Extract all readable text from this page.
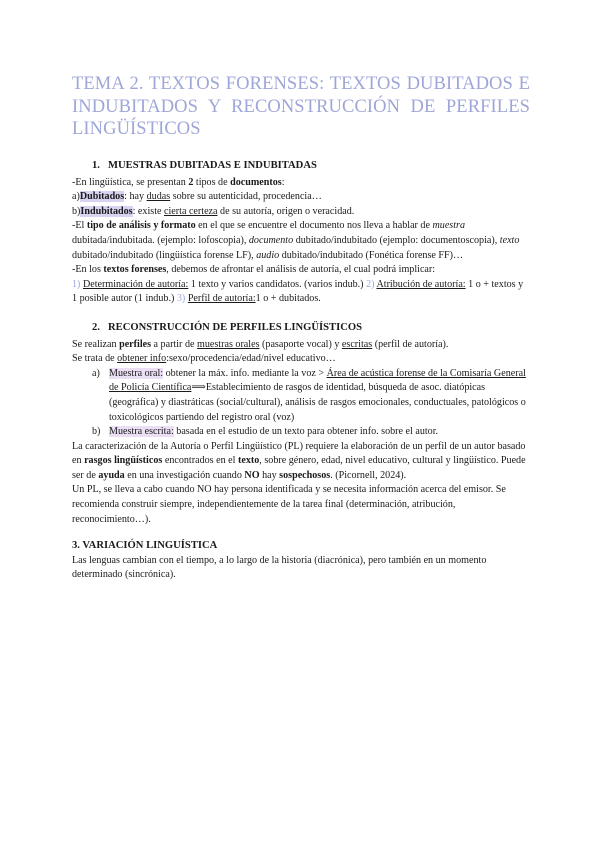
TEMA 2. TEXTOS FORENSES: TEXTOS DUBITADOS E INDUBITADOS Y RECONSTRUCCIÓN DE PERFILES LINGÜÍSTICOS
1. MUESTRAS DUBITADAS E INDUBITADAS

-En lingüística, se presentan 2 tipos de documentos:

a)Dubitados: hay dudas sobre su autenticidad, procedencia…

b)Indubitados: existe cierta certeza de su autoría, origen o veracidad.

-El tipo de análisis y formato en el que se encuentre el documento nos lleva a hablar de muestra dubitada/indubitada. (ejemplo: lofoscopia), documento dubitado/indubitado (ejemplo: documentoscopia), texto dubitado/indubitado (lingüística forense LF), audio dubitado/indubitado (Fonética forense FF)…

-En los textos forenses, debemos de afrontar el análisis de autoría, el cual podrá implicar:

1) Determinación de autoría: 1 texto y varios candidatos. (varios indub.) 2) Atribución de autoría: 1 o + textos y 1 posible autor (1 indub.) 3) Perfil de autoría:1 o + dubitados.

2. RECONSTRUCCIÓN DE PERFILES LINGÜÍSTICOS

Se realizan perfiles a partir de muestras orales (pasaporte vocal) y escritas (perfil de autoría).

Se trata de obtener info:sexo/procedencia/edad/nivel educativo…

a) Muestra oral: obtener la máx. info. mediante la voz > Área de acústica forense de la Comisaría General de Policía Científica⟹Establecimiento de rasgos de identidad, búsqueda de asoc. diatópicas (geográfica) y diastráticas (social/cultural), análisis de rasgos emocionales, conductuales, patológicos o toxicológicos partiendo del registro oral (voz)
b) Muestra escrita: basada en el estudio de un texto para obtener info. sobre el autor.

La caracterización de la Autoría o Perfil Lingüístico (PL) requiere la elaboración de un perfil de un autor basado en rasgos lingüísticos encontrados en el texto, sobre género, edad, nivel educativo, cultural y lingüístico. Puede ser de ayuda en una investigación cuando NO hay sospechosos. (Picornell, 2024).

Un PL, se lleva a cabo cuando NO hay persona identificada y se necesita información acerca del emisor. Se recomienda construir siempre, independientemente de la tarea final (determinación, atribución, reconocimiento…).

3. VARIACIÓN LINGUÍSTICA

Las lenguas cambian con el tiempo, a lo largo de la historia (diacrónica), pero también en un momento determinado (sincrónica).
